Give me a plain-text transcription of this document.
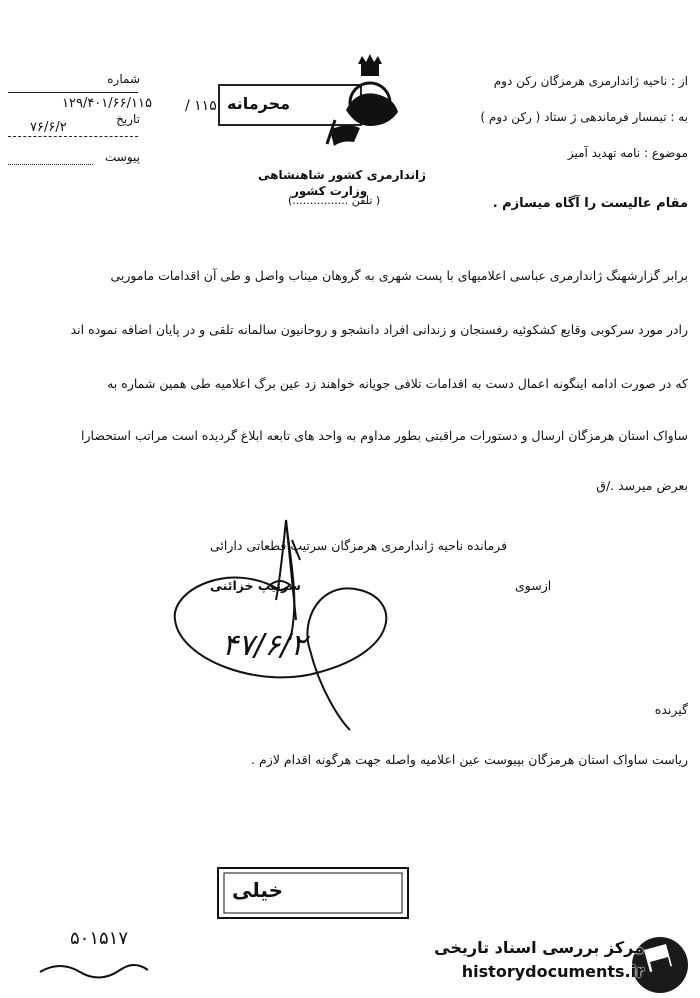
شماره
۱۲۹/۴۰۱/۶۶/۱۱۵
تاریخ
۷۶/۶/۲
پیوست
/ ۱۱۵ محرمانه
ژاندارمری کشور شاهنشاهی
وزارت کشور
( تلفن ................)
از : ناحیه ژاندارمری هرمزگان رکن دوم
به : تیمسار فرماندهی ژ ستاد ( رکن دوم )
موضوع : نامه تهدید آمیز
مقام عالیست را آگاه میسازم .
برابر گزارشهنگ ژاندارمری عباسی اعلامیهای با پست شهری به گروهان میناب واصل و طی آن اقدامات ماموریی
رادر مورد سرکوبی وقایع کشکوئیه رفسنجان و زندانی افراد دانشجو و روحانیون سالمانه تلقی و در پایان اضافه نموده اند
که در صورت ادامه اینگونه اعمال دست به اقدامات تلافی جویانه خواهند زد عین برگ اعلامیه طی همین شماره به
ساواک استان هرمزگان ارسال و دستورات مراقبتی بطور مداوم به واحد های تابعه ابلاغ گردیده است مراتب استحضارا
بعرض میرسد ./ق
فرمانده ناحیه ژاندارمری هرمزگان سرتیپ قطعاتی دارائی
سرتیپ خزائنی	ازسوی
۴۷/۶/۲
گیرنده
ریاست ساواک استان هرمزگان بپیوست عین اعلامیه واصله جهت هرگونه اقدام لازم .
خیلی
۵۰۱۵۱۷	مرکز بررسی اسناد تاریخی
historydocuments.ir
